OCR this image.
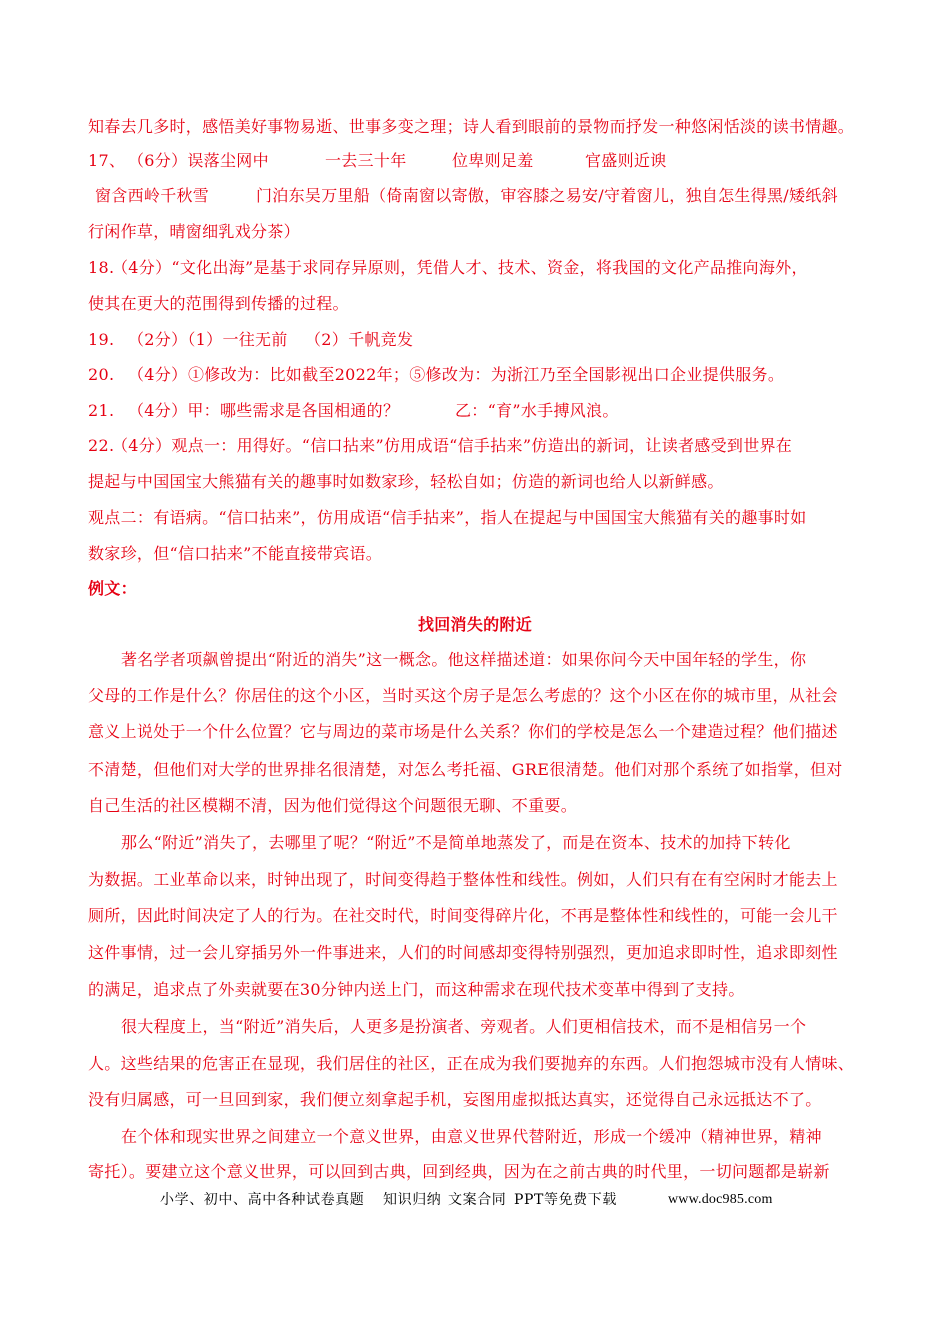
知春去几多时，感悟美好事物易逝、世事多变之理；诗人看到眼前的景物而抒发一种悠闲恬淡的读书情趣。
17、 （6分）误落尘网中	一去三十年	位卑则足羞	官盛则近谀
窗含西岭千秋雪	门泊东吴万里船（倚南窗以寄傲，审容膝之易安/守着窗儿，独自怎生得黑/矮纸斜
行闲作草，晴窗细乳戏分茶）
18.
（4分）“文化出海”是基于求同存异原则，凭借人才、技术、资金，将我国的文化产品推向海外，
使其在更大的范围得到传播的过程。
19. （2分）（1）一往无前 （2）千帆竞发
20. （4分） ①修改为：比如截至2022年；⑤修改为：为浙江乃至全国影视出口企业提供服务。
21. （4分）甲：哪些需求是各国相通的？	乙：“育”水手搏风浪。
22.
（4分）观点一：用得好。“信口拈来”仿用成语“信手拈来”仿造出的新词，让读者感受到世界在
提起与中国国宝大熊猫有关的趣事时如数家珍，轻松自如；仿造的新词也给人以新鲜感。
观点二：有语病。“信口拈来”，仿用成语“信手拈来”，指人在提起与中国国宝大熊猫有关的趣事时如
数家珍，但“信口拈来”不能直接带宾语。
例文：
找回消失的附近
著名学者项飙曾提出“附近的消失”这一概念。他这样描述道：如果你问今天中国年轻的学生，你
父母的工作是什么？你居住的这个小区，当时买这个房子是怎么考虑的？这个小区在你的城市里，从社会
意义上说处于一个什么位置？它与周边的菜市场是什么关系？你们的学校是怎么一个建造过程？他们描述
不清楚，但他们对大学的世界排名很清楚，对怎么考托福、GRE很清楚。他们对那个系统了如指掌，但对
自己生活的社区模糊不清，因为他们觉得这个问题很无聊、不重要。
那么“附近”消失了，去哪里了呢？“附近”不是简单地蒸发了，而是在资本、技术的加持下转化
为数据。工业革命以来，时钟出现了，时间变得趋于整体性和线性。例如，人们只有在有空闲时才能去上
厕所，因此时间决定了人的行为。在社交时代，时间变得碎片化，不再是整体性和线性的，可能一会儿干
这件事情，过一会儿穿插另外一件事进来，人们的时间感却变得特别强烈，更加追求即时性，追求即刻性
的满足，追求点了外卖就要在30分钟内送上门，而这种需求在现代技术变革中得到了支持。
很大程度上，当“附近”消失后，人更多是扮演者、旁观者。人们更相信技术，而不是相信另一个
人。这些结果的危害正在显现，我们居住的社区，正在成为我们要抛弃的东西。人们抱怨城市没有人情味、
没有归属感，可一旦回到家，我们便立刻拿起手机，妄图用虚拟抵达真实，还觉得自己永远抵达不了。
在个体和现实世界之间建立一个意义世界，由意义世界代替附近，形成一个缓冲（精神世界，精神
寄托）。要建立这个意义世界，可以回到古典，回到经典，因为在之前古典的时代里，一切问题都是崭新
小学、初中、高中各种试卷真题 知识归纳 文案合同 PPT等免费下载	www.doc985.com
